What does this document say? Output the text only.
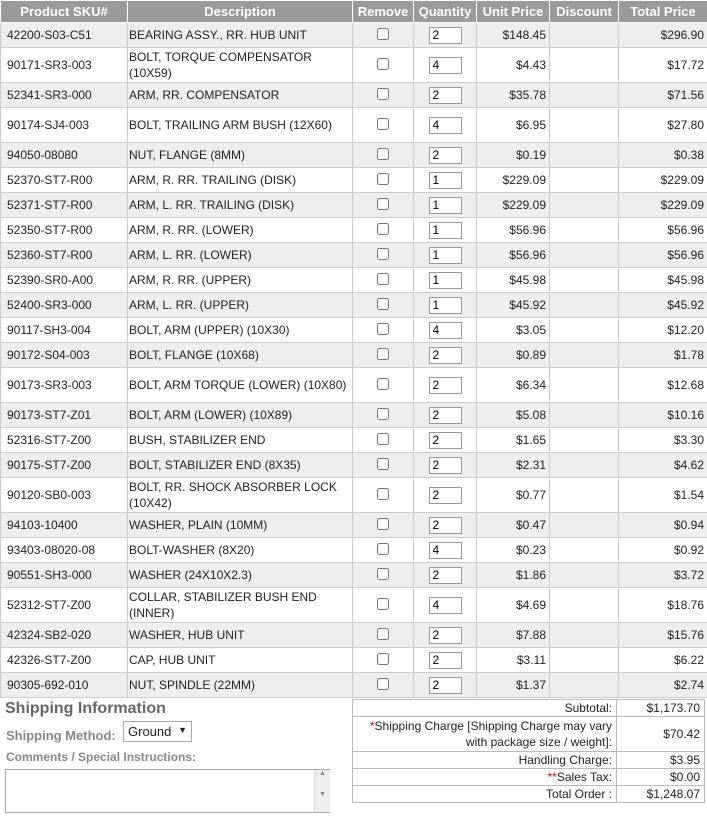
Product SKU#	Description	Remove	Quantity	Unit Price	Discount	Total Price
42200-S03-C51	BEARING ASSY., RR. HUB UNIT		2	$148.45		$296.90
90171-SR3-003	BOLT, TORQUE COMPENSATOR (10X59)		4	$4.43		$17.72
52341-SR3-000	ARM, RR. COMPENSATOR		2	$35.78		$71.56
90174-SJ4-003	BOLT, TRAILING ARM BUSH (12X60)		4	$6.95		$27.80
94050-08080	NUT, FLANGE (8MM)		2	$0.19		$0.38
52370-ST7-R00	ARM, R. RR. TRAILING (DISK)		1	$229.09		$229.09
52371-ST7-R00	ARM, L. RR. TRAILING (DISK)		1	$229.09		$229.09
52350-ST7-R00	ARM, R. RR. (LOWER)		1	$56.96		$56.96
52360-ST7-R00	ARM, L. RR. (LOWER)		1	$56.96		$56.96
52390-SR0-A00	ARM, R. RR. (UPPER)		1	$45.98		$45.98
52400-SR3-000	ARM, L. RR. (UPPER)		1	$45.92		$45.92
90117-SH3-004	BOLT, ARM (UPPER) (10X30)		4	$3.05		$12.20
90172-S04-003	BOLT, FLANGE (10X68)		2	$0.89		$1.78
90173-SR3-003	BOLT, ARM TORQUE (LOWER) (10X80)		2	$6.34		$12.68
90173-ST7-Z01	BOLT, ARM (LOWER) (10X89)		2	$5.08		$10.16
52316-ST7-Z00	BUSH, STABILIZER END		2	$1.65		$3.30
90175-ST7-Z00	BOLT, STABILIZER END (8X35)		2	$2.31		$4.62
90120-SB0-003	BOLT, RR. SHOCK ABSORBER LOCK (10X42)		2	$0.77		$1.54
94103-10400	WASHER, PLAIN (10MM)		2	$0.47		$0.94
93403-08020-08	BOLT-WASHER (8X20)		4	$0.23		$0.92
90551-SH3-000	WASHER (24X10X2.3)		2	$1.86		$3.72
52312-ST7-Z00	COLLAR, STABILIZER BUSH END (INNER)		4	$4.69		$18.76
42324-SB2-020	WASHER, HUB UNIT		2	$7.88		$15.76
42326-ST7-Z00	CAP, HUB UNIT		2	$3.11		$6.22
90305-692-010	NUT, SPINDLE (22MM)		2	$1.37		$2.74
Shipping Information
Shipping Method: Ground ▼
Comments / Special Instructions:
▲

▼
Subtotal:	$1,173.70
*Shipping Charge [Shipping Charge may vary with package size / weight]:	$70.42
Handling Charge:	$3.95
**Sales Tax:	$0.00
Total Order :	$1,248.07
